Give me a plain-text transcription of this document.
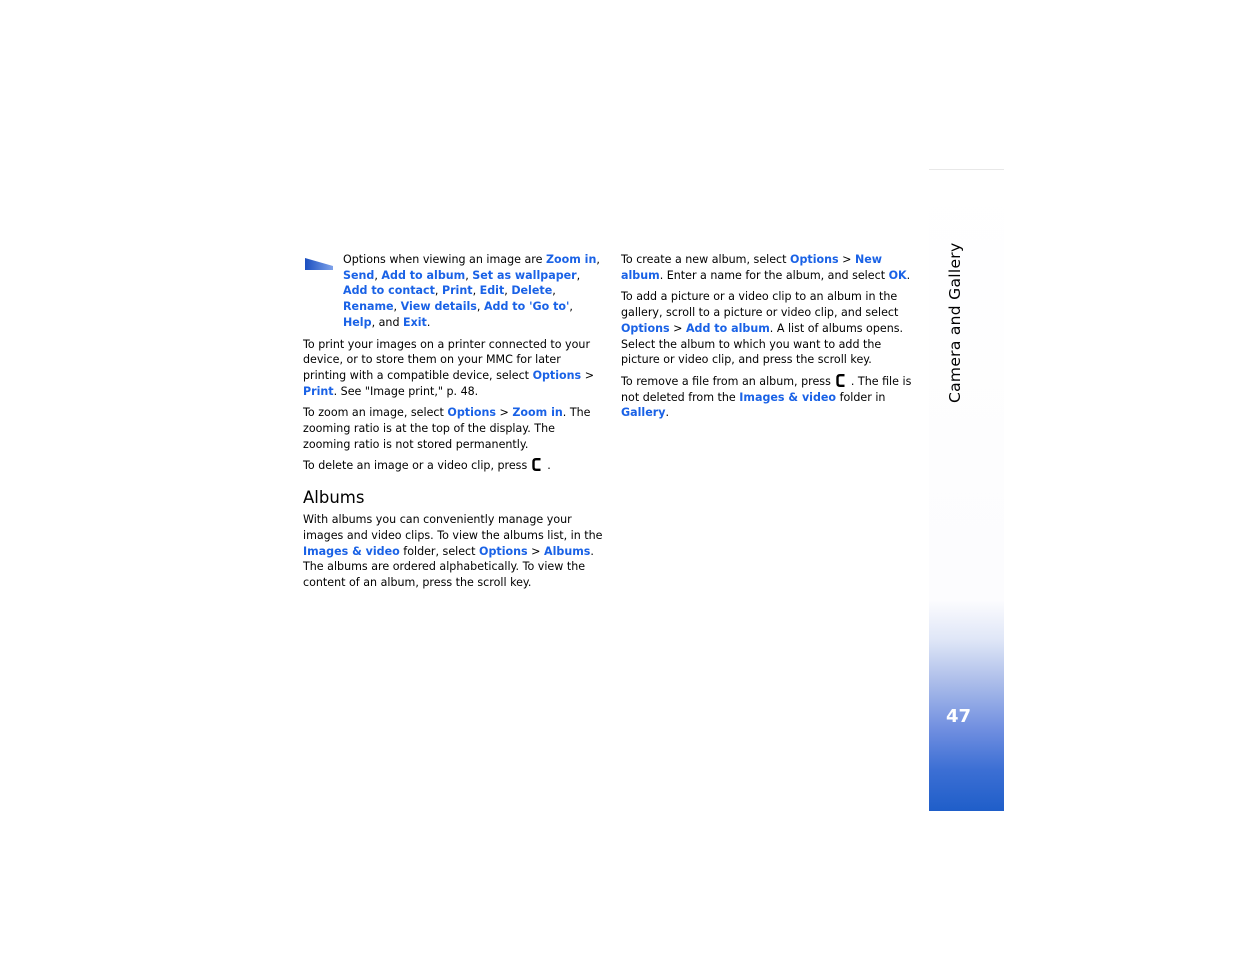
Options when viewing an image are Zoom in, Send, Add to album, Set as wallpaper, Add to contact, Print, Edit, Delete, Rename, View details, Add to 'Go to', Help, and Exit.

To print your images on a printer connected to your device, or to store them on your MMC for later printing with a compatible device, select Options > Print. See "Image print," p. 48.

To zoom an image, select Options > Zoom in. The zooming ratio is at the top of the display. The zooming ratio is not stored permanently.

To delete an image or a video clip, press .

Albums

With albums you can conveniently manage your images and video clips. To view the albums list, in the Images & video folder, select Options > Albums. The albums are ordered alphabetically. To view the content of an album, press the scroll key.

To create a new album, select Options > New album. Enter a name for the album, and select OK.

To add a picture or a video clip to an album in the gallery, scroll to a picture or video clip, and select Options > Add to album. A list of albums opens. Select the album to which you want to add the picture or video clip, and press the scroll key.

To remove a file from an album, press . The file is not deleted from the Images & video folder in Gallery.

Camera and Gallery
47
